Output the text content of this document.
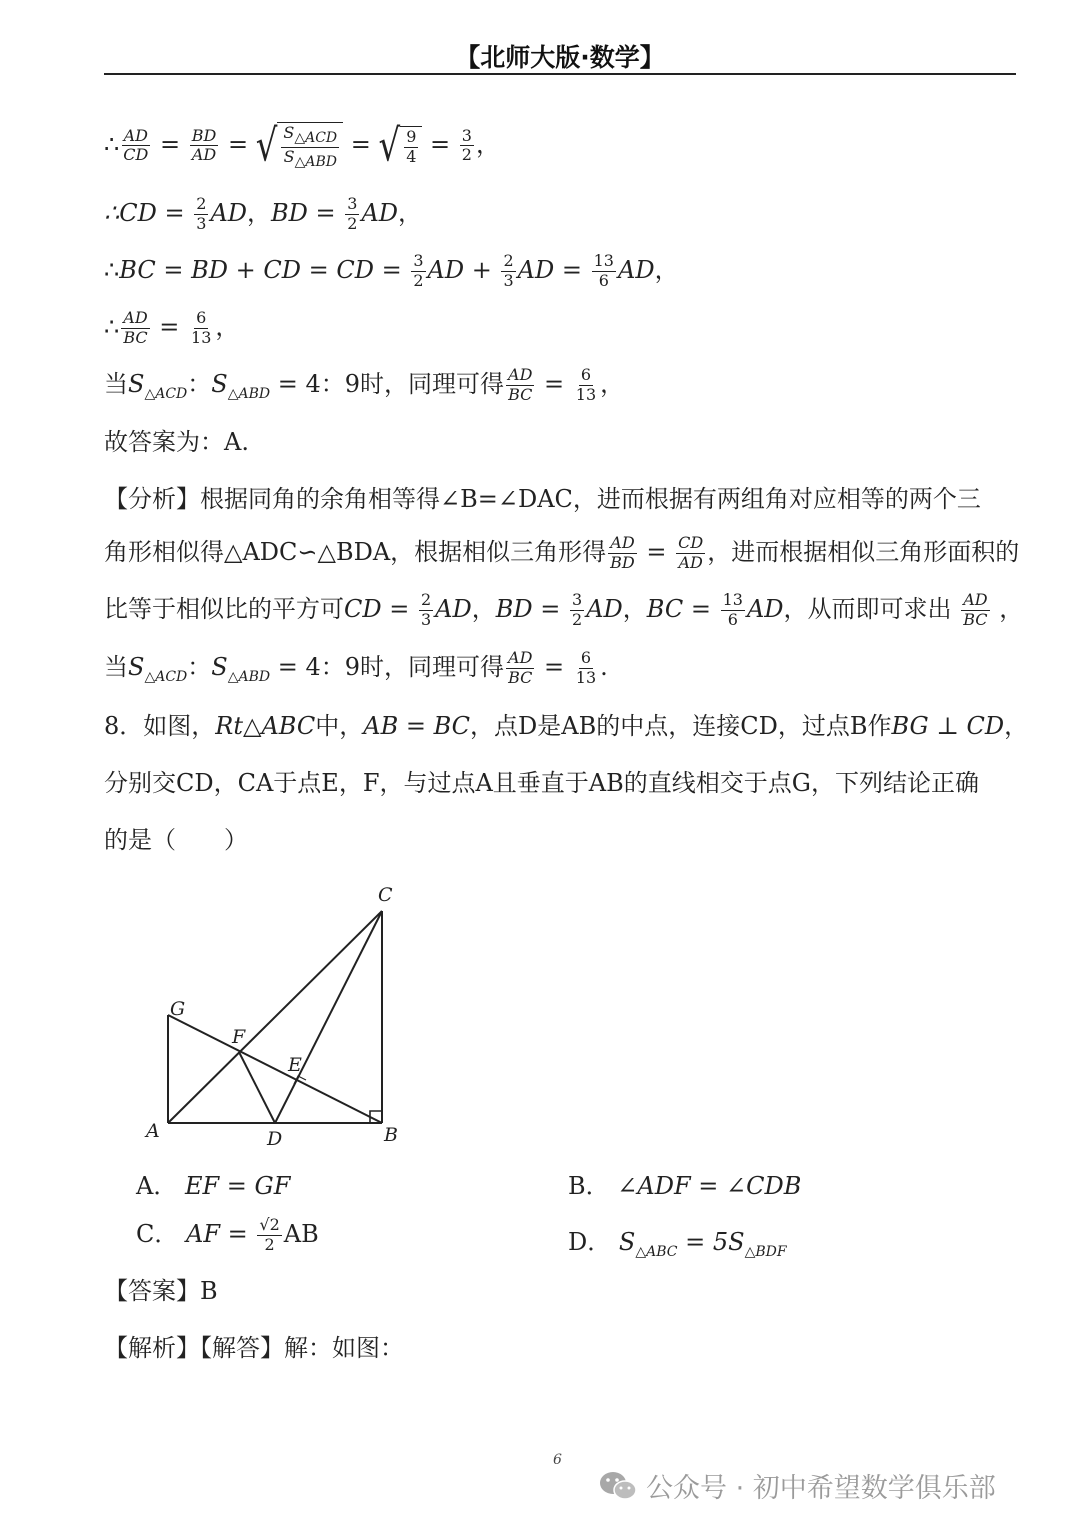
【北师大版·数学】
∴ $\frac{AD}{CD} = \frac{BD}{AD}$ = √ $\frac{S_{\triangle ACD}}{S_{\triangle ABD}}$ = √ $\frac{9}{4} = \frac{3}{2}$ ，
∴CD = $\frac{2}{3}$ AD，BD = $\frac{3}{2}$ AD，
∴BC = BD + CD = CD = $\frac{3}{2}$ AD + $\frac{2}{3}$ AD = $\frac{13}{6}$ AD，
∴ $\frac{AD}{BC} = \frac{6}{13}$ ，
当$S_{\triangle ACD}$：$S_{\triangle ABD} = 4$：9时，同理可得 $\frac{AD}{BC} = \frac{6}{13}$ ，
故答案为：A.
【分析】根据同角的余角相等得∠B=∠DAC，进而根据有两组角对应相等的两个三
角形相似得△ADC∽△BDA，根据相似三角形得 $\frac{AD}{BD} = \frac{CD}{AD}$ ，进而根据相似三角形面积的
比等于相似比的平方可CD = $\frac{2}{3}$ AD，BD = $\frac{3}{2}$ AD，BC = $\frac{13}{6}$ AD，从而即可求出 $\frac{AD}{BC}$ ，
当$S_{\triangle ACD}$：$S_{\triangle ABD} = 4$：9时，同理可得 $\frac{AD}{BC} = \frac{6}{13}$ .
8．如图，Rt△ABC中，AB = BC，点D是AB的中点，连接CD，过点B作BG ⊥ CD，
分别交CD，CA于点E，F，与过点A且垂直于AB的直线相交于点G，下列结论正确
的是（　　）
C
G
F
E
A	D	B
A． EF = GF	B． ∠ADF = ∠CDB
C． AF = $\frac{√2}{2}$ AB	D． $S_{\triangle ABC} = 5S_{\triangle BDF}$
【答案】B
【解析】【解答】解：如图：
6
公众号 · 初中希望数学俱乐部
